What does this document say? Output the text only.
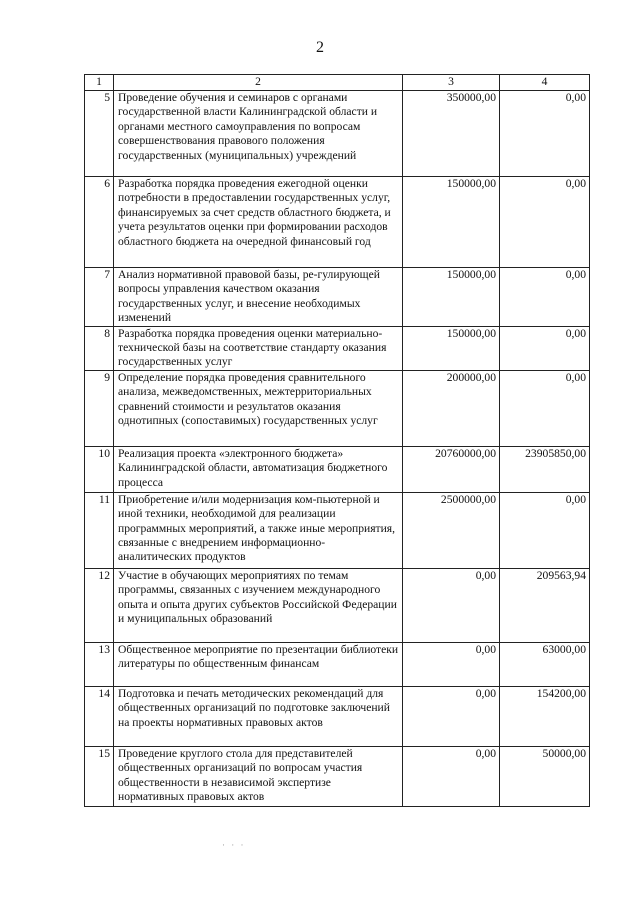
2
1	2	3	4
5	Проведение обучения и семинаров с органами государственной власти Калининградской области и органами местного самоуправления по вопросам совершенствования правового положения государственных (муниципальных) учреждений	350000,00	0,00
6	Разработка порядка проведения ежегодной оценки потребности в предоставлении государственных услуг, финансируемых за счет средств областного бюджета, и учета результатов оценки при формировании расходов областного бюджета на очередной финансовый год	150000,00	0,00
7	Анализ нормативной правовой базы, ре-гулирующей вопросы управления качеством оказания государственных услуг, и внесение необходимых изменений	150000,00	0,00
8	Разработка порядка проведения оценки материально-технической базы на соответствие стандарту оказания государственных услуг	150000,00	0,00
9	Определение порядка проведения сравнительного анализа, межведомственных, межтерриториальных сравнений стоимости и результатов оказания однотипных (сопоставимых) государственных услуг	200000,00	0,00
10	Реализация проекта «электронного бюджета» Калининградской области, автоматизация бюджетного процесса	20760000,00	23905850,00
11	Приобретение и/или модернизация ком-пьютерной и иной техники, необходимой для реализации программных мероприятий, а также иные мероприятия, связанные с внедрением информационно-аналитических продуктов	2500000,00	0,00
12	Участие в обучающих мероприятиях по темам программы, связанных с изучением международного опыта и опыта других субъектов Российской Федерации и муниципальных образований	0,00	209563,94
13	Общественное мероприятие по презентации библиотеки литературы по общественным финансам	0,00	63000,00
14	Подготовка и печать методических рекомендаций для общественных организаций по подготовке заключений на проекты нормативных правовых актов	0,00	154200,00
15	Проведение круглого стола для представителей общественных организаций по вопросам участия общественности в независимой экспертизе нормативных правовых актов	0,00	50000,00
· · ·
